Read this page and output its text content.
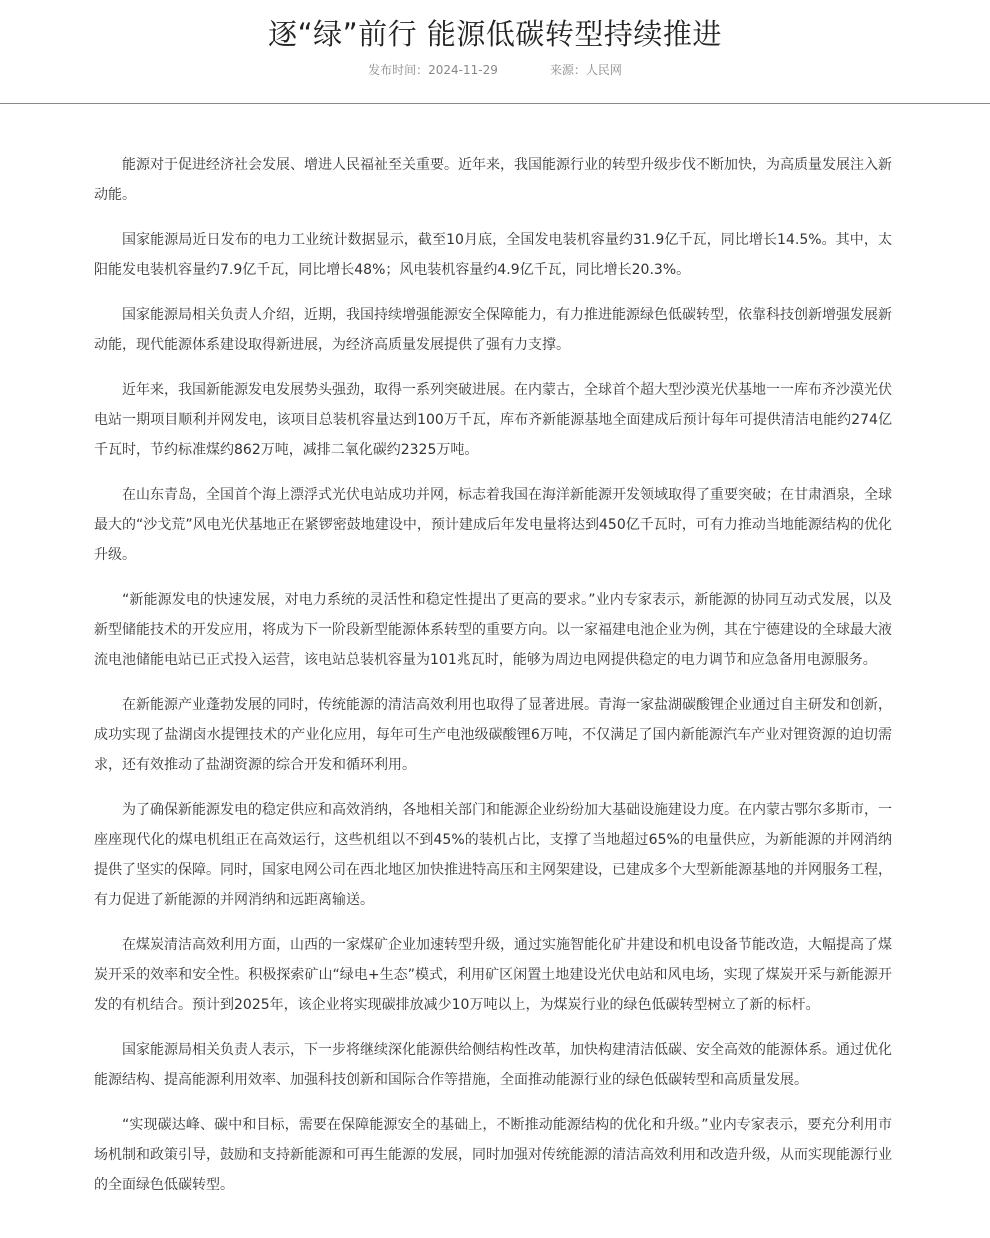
逐“绿”前行 能源低碳转型持续推进
发布时间：2024-11-29	来源：人民网

能源对于促进经济社会发展、增进人民福祉至关重要。近年来，我国能源行业的转型升级步伐不断加快，为高质量发展注入新动能。

国家能源局近日发布的电力工业统计数据显示，截至10月底，全国发电装机容量约31.9亿千瓦，同比增长14.5%。其中，太阳能发电装机容量约7.9亿千瓦，同比增长48%；风电装机容量约4.9亿千瓦，同比增长20.3%。

国家能源局相关负责人介绍，近期，我国持续增强能源安全保障能力，有力推进能源绿色低碳转型，依靠科技创新增强发展新动能，现代能源体系建设取得新进展，为经济高质量发展提供了强有力支撑。

近年来，我国新能源发电发展势头强劲，取得一系列突破进展。在内蒙古，全球首个超大型沙漠光伏基地一一库布齐沙漠光伏电站一期项目顺利并网发电，该项目总装机容量达到100万千瓦，库布齐新能源基地全面建成后预计每年可提供清洁电能约274亿千瓦时，节约标准煤约862万吨，减排二氧化碳约2325万吨。

在山东青岛，全国首个海上漂浮式光伏电站成功并网，标志着我国在海洋新能源开发领域取得了重要突破；在甘肃酒泉，全球最大的“沙戈荒”风电光伏基地正在紧锣密鼓地建设中，预计建成后年发电量将达到450亿千瓦时，可有力推动当地能源结构的优化升级。

“新能源发电的快速发展，对电力系统的灵活性和稳定性提出了更高的要求。”业内专家表示，新能源的协同互动式发展，以及新型储能技术的开发应用，将成为下一阶段新型能源体系转型的重要方向。以一家福建电池企业为例，其在宁德建设的全球最大液流电池储能电站已正式投入运营，该电站总装机容量为101兆瓦时，能够为周边电网提供稳定的电力调节和应急备用电源服务。

在新能源产业蓬勃发展的同时，传统能源的清洁高效利用也取得了显著进展。青海一家盐湖碳酸锂企业通过自主研发和创新，成功实现了盐湖卤水提锂技术的产业化应用，每年可生产电池级碳酸锂6万吨，不仅满足了国内新能源汽车产业对锂资源的迫切需求，还有效推动了盐湖资源的综合开发和循环利用。

为了确保新能源发电的稳定供应和高效消纳，各地相关部门和能源企业纷纷加大基础设施建设力度。在内蒙古鄂尔多斯市，一座座现代化的煤电机组正在高效运行，这些机组以不到45%的装机占比，支撑了当地超过65%的电量供应，为新能源的并网消纳提供了坚实的保障。同时，国家电网公司在西北地区加快推进特高压和主网架建设，已建成多个大型新能源基地的并网服务工程，有力促进了新能源的并网消纳和远距离输送。

在煤炭清洁高效利用方面，山西的一家煤矿企业加速转型升级，通过实施智能化矿井建设和机电设备节能改造，大幅提高了煤炭开采的效率和安全性。积极探索矿山“绿电+生态”模式，利用矿区闲置土地建设光伏电站和风电场，实现了煤炭开采与新能源开发的有机结合。预计到2025年，该企业将实现碳排放减少10万吨以上，为煤炭行业的绿色低碳转型树立了新的标杆。

国家能源局相关负责人表示，下一步将继续深化能源供给侧结构性改革，加快构建清洁低碳、安全高效的能源体系。通过优化能源结构、提高能源利用效率、加强科技创新和国际合作等措施，全面推动能源行业的绿色低碳转型和高质量发展。

“实现碳达峰、碳中和目标，需要在保障能源安全的基础上，不断推动能源结构的优化和升级。”业内专家表示，要充分利用市场机制和政策引导，鼓励和支持新能源和可再生能源的发展，同时加强对传统能源的清洁高效利用和改造升级，从而实现能源行业的全面绿色低碳转型。
